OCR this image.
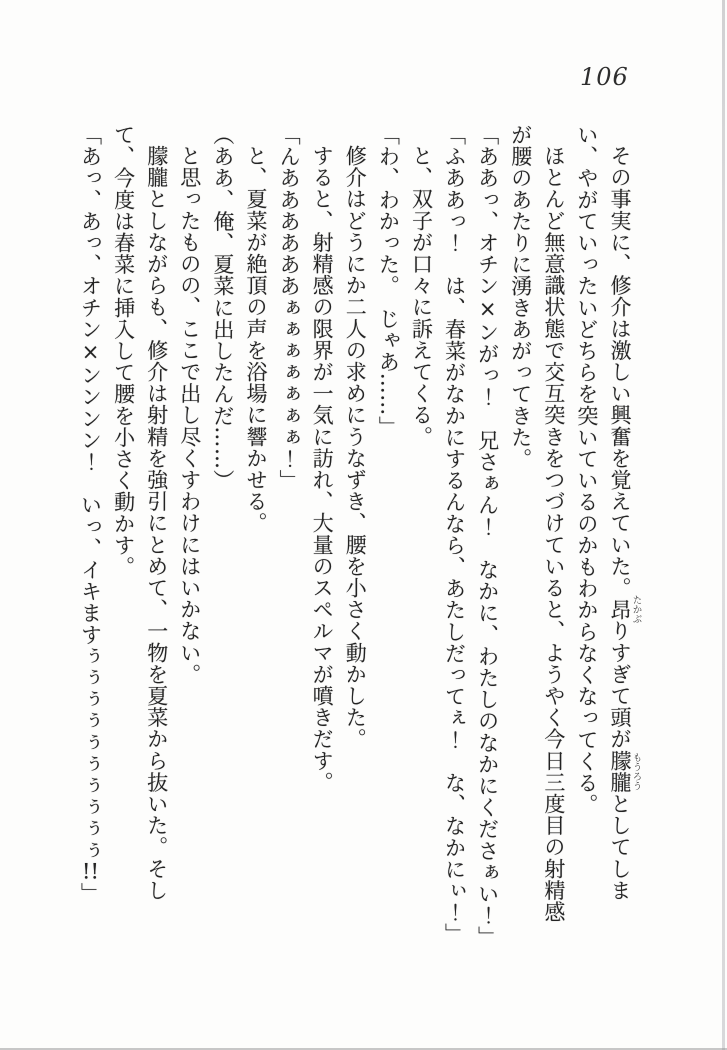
106

その事実に、修介は激しい興奮を覚えていた。昂たかぶりすぎて頭が朦朧もうろうとしてしまい、やがていったいどちらを突いているのかもわからなくなってくる。

ほとんど無意識状態で交互突きをつづけていると、ようやく今日三度目の射精感が腰のあたりに湧きあがってきた。

「ああっ、オチン×ンがっ！　兄さぁん！　なかに、わたしのなかにくださぁい！」

「ふああっ！　は、春菜がなかにするんなら、あたしだってぇ！　な、なかにぃ！」

と、双子が口々に訴えてくる。

「わ、わかった。　じゃあ……」

修介はどうにか二人の求めにうなずき、腰を小さく動かした。

すると、射精感の限界が一気に訪れ、大量のスペルマが噴きだす。

「んああああああぁぁぁぁぁぁぁ！」

と、夏菜が絶頂の声を浴場に響かせる。

（ああ、俺、夏菜に出したんだ……）

と思ったものの、ここで出し尽くすわけにはいかない。

朦朧としながらも、修介は射精を強引にとめて、一物を夏菜から抜いた。そして、今度は春菜に挿入して腰を小さく動かす。

「あっ、あっ、オチン×ンンンン！　いっ、イキますぅぅぅぅぅぅぅぅぅぅ!!」
